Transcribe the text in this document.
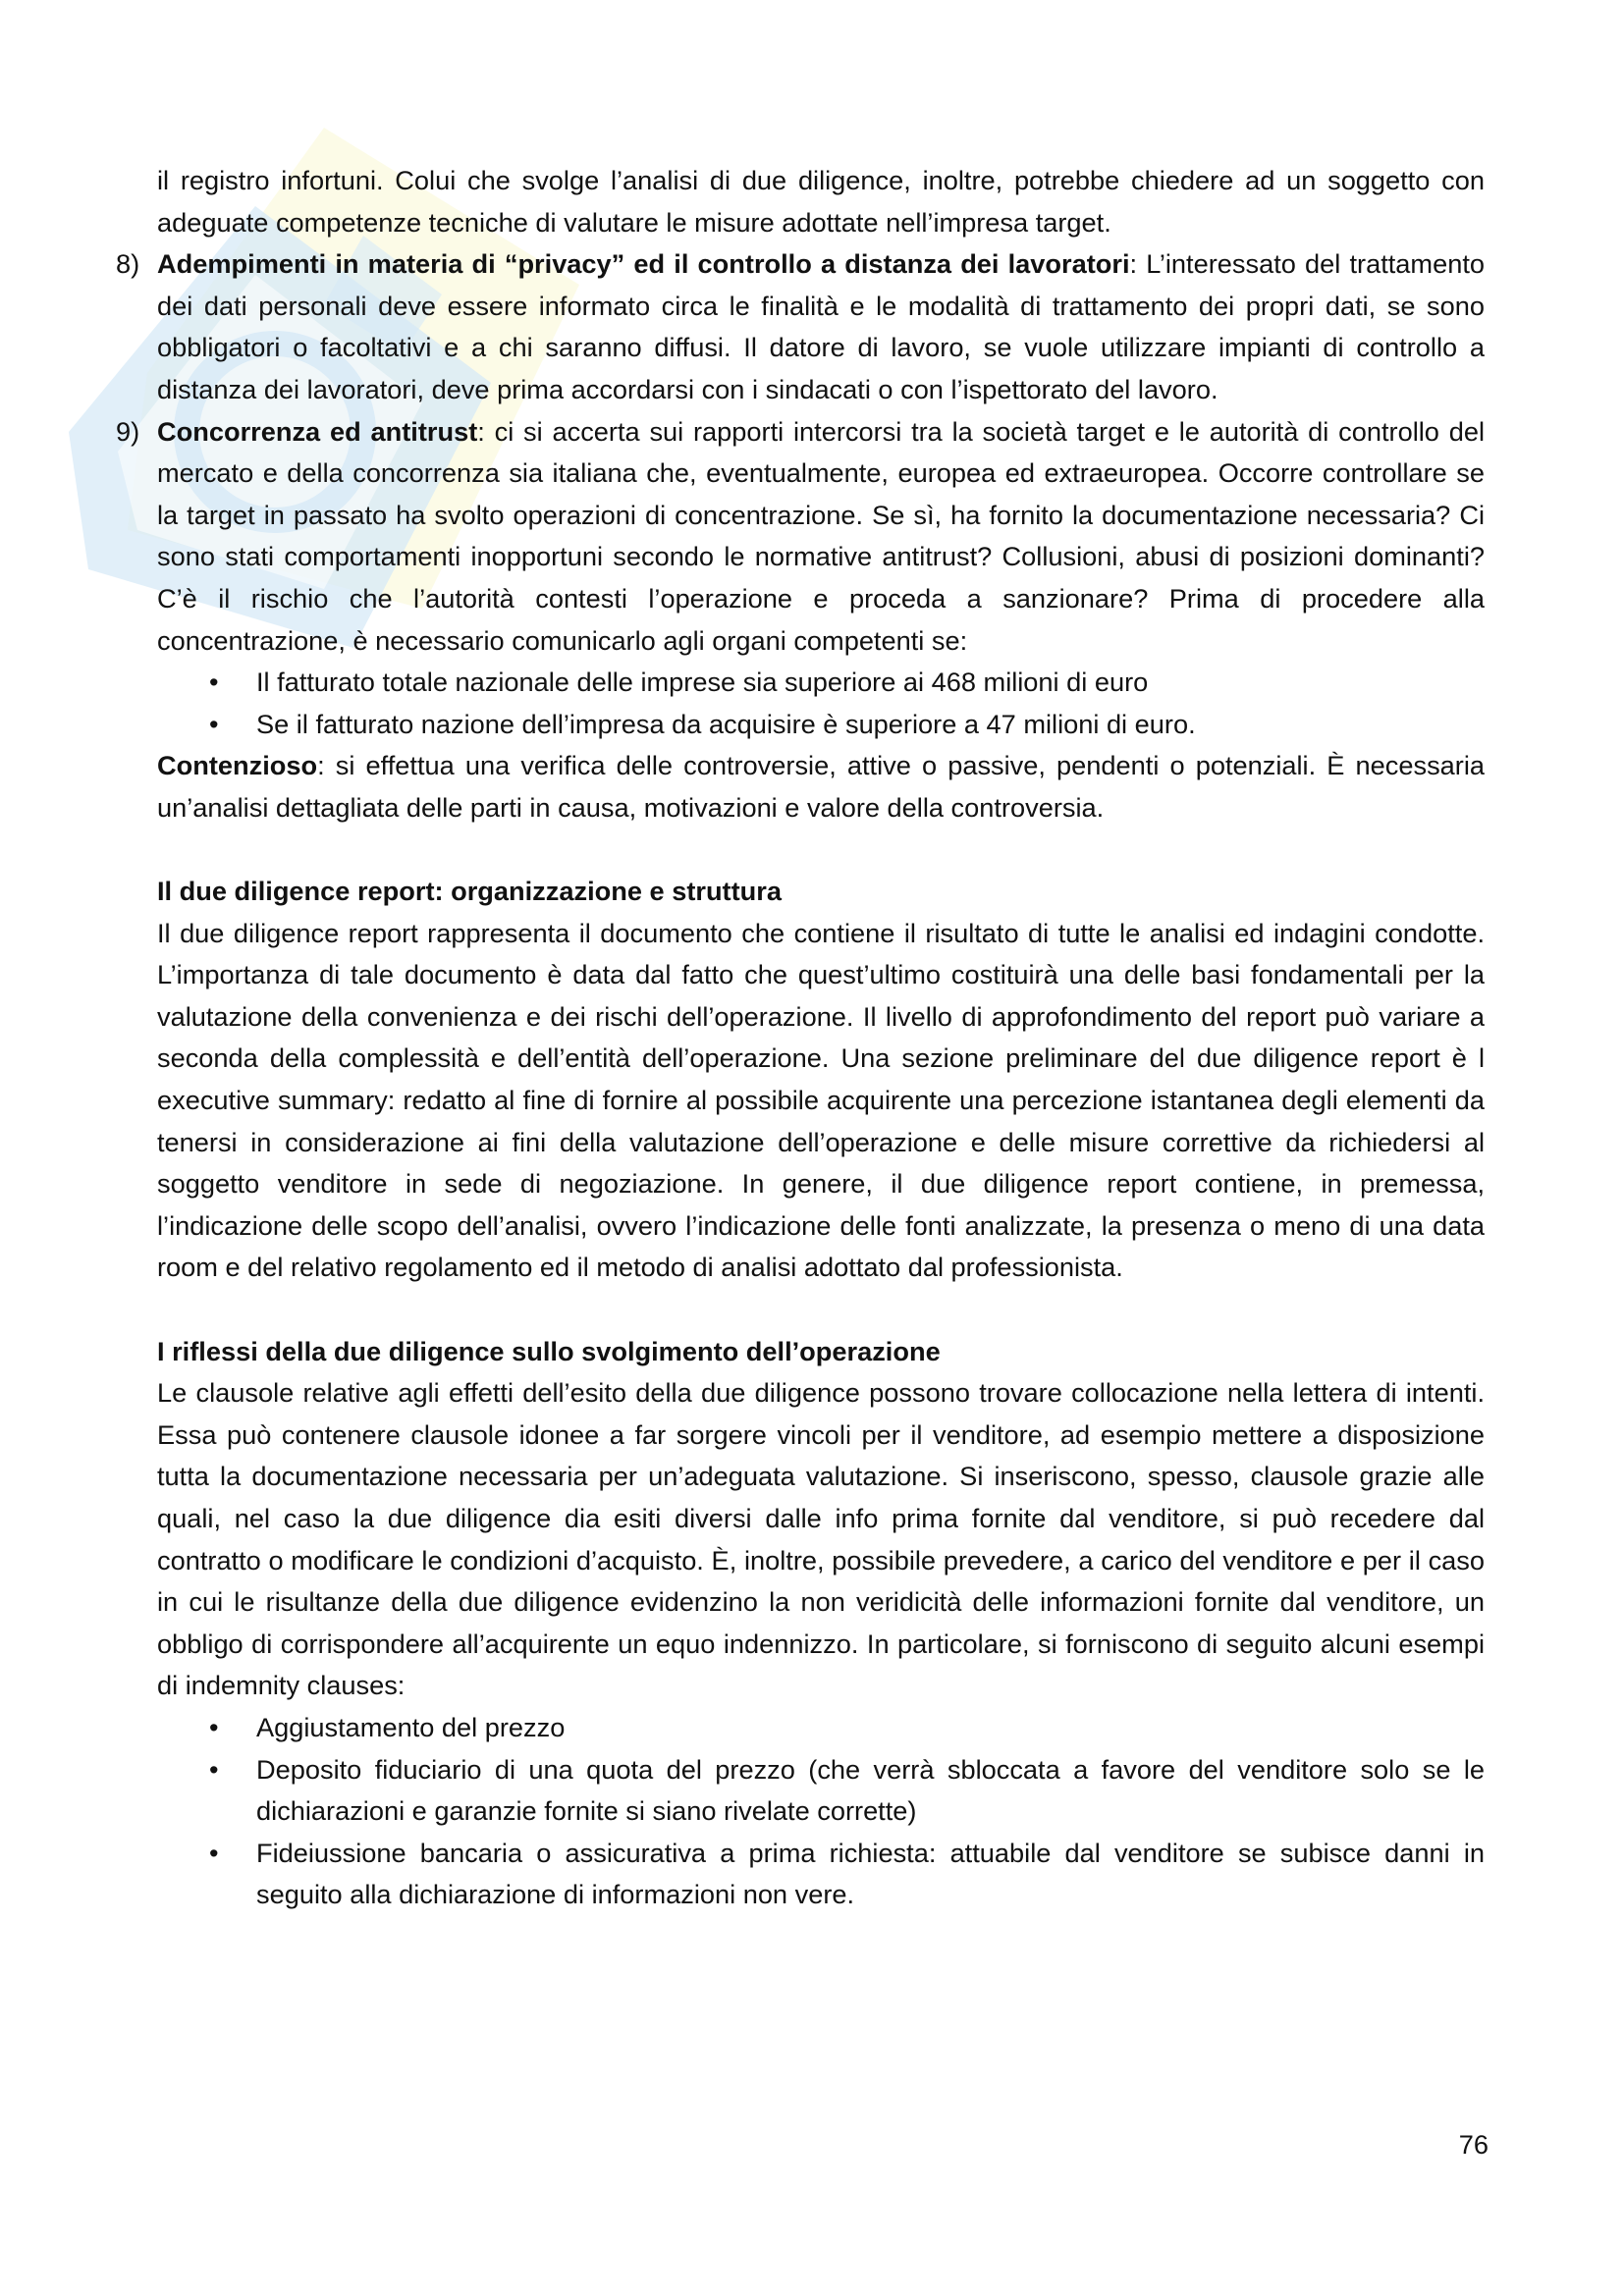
il registro infortuni. Colui che svolge l’analisi di due diligence, inoltre, potrebbe chiedere ad un soggetto con adeguate competenze tecniche di valutare le misure adottate nell’impresa target.

8) Adempimenti in materia di “privacy” ed il controllo a distanza dei lavoratori: L’interessato del trattamento dei dati personali deve essere informato circa le finalità e le modalità di trattamento dei propri dati, se sono obbligatori o facoltativi e a chi saranno diffusi. Il datore di lavoro, se vuole utilizzare impianti di controllo a distanza dei lavoratori, deve prima accordarsi con i sindacati o con l’ispettorato del lavoro.

9) Concorrenza ed antitrust: ci si accerta sui rapporti intercorsi tra la società target e le autorità di controllo del mercato e della concorrenza sia italiana che, eventualmente, europea ed extraeuropea. Occorre controllare se la target in passato ha svolto operazioni di concentrazione. Se sì, ha fornito la documentazione necessaria? Ci sono stati comportamenti inopportuni secondo le normative antitrust? Collusioni, abusi di posizioni dominanti? C’è il rischio che l’autorità contesti l’operazione e proceda a sanzionare? Prima di procedere alla concentrazione, è necessario comunicarlo agli organi competenti se:

• Il fatturato totale nazionale delle imprese sia superiore ai 468 milioni di euro
• Se il fatturato nazione dell’impresa da acquisire è superiore a 47 milioni di euro.

Contenzioso: si effettua una verifica delle controversie, attive o passive, pendenti o potenziali. È necessaria un’analisi dettagliata delle parti in causa, motivazioni e valore della controversia.

Il due diligence report: organizzazione e struttura

Il due diligence report rappresenta il documento che contiene il risultato di tutte le analisi ed indagini condotte. L’importanza di tale documento è data dal fatto che quest’ultimo costituirà una delle basi fondamentali per la valutazione della convenienza e dei rischi dell’operazione. Il livello di approfondimento del report può variare a seconda della complessità e dell’entità dell’operazione. Una sezione preliminare del due diligence report è l executive summary: redatto al fine di fornire al possibile acquirente una percezione istantanea degli elementi da tenersi in considerazione ai fini della valutazione dell’operazione e delle misure correttive da richiedersi al soggetto venditore in sede di negoziazione. In genere, il due diligence report contiene, in premessa, l’indicazione delle scopo dell’analisi, ovvero l’indicazione delle fonti analizzate, la presenza o meno di una data room e del relativo regolamento ed il metodo di analisi adottato dal professionista.

I riflessi della due diligence sullo svolgimento dell’operazione

Le clausole relative agli effetti dell’esito della due diligence possono trovare collocazione nella lettera di intenti. Essa può contenere clausole idonee a far sorgere vincoli per il venditore, ad esempio mettere a disposizione tutta la documentazione necessaria per un’adeguata valutazione. Si inseriscono, spesso, clausole grazie alle quali, nel caso la due diligence dia esiti diversi dalle info prima fornite dal venditore, si può recedere dal contratto o modificare le condizioni d’acquisto. È, inoltre, possibile prevedere, a carico del venditore e per il caso in cui le risultanze della due diligence evidenzino la non veridicità delle informazioni fornite dal venditore, un obbligo di corrispondere all’acquirente un equo indennizzo. In particolare, si forniscono di seguito alcuni esempi di indemnity clauses:

• Aggiustamento del prezzo
• Deposito fiduciario di una quota del prezzo (che verrà sbloccata a favore del venditore solo se le dichiarazioni e garanzie fornite si siano rivelate corrette)
• Fideiussione bancaria o assicurativa a prima richiesta: attuabile dal venditore se subisce danni in seguito alla dichiarazione di informazioni non vere.
76
